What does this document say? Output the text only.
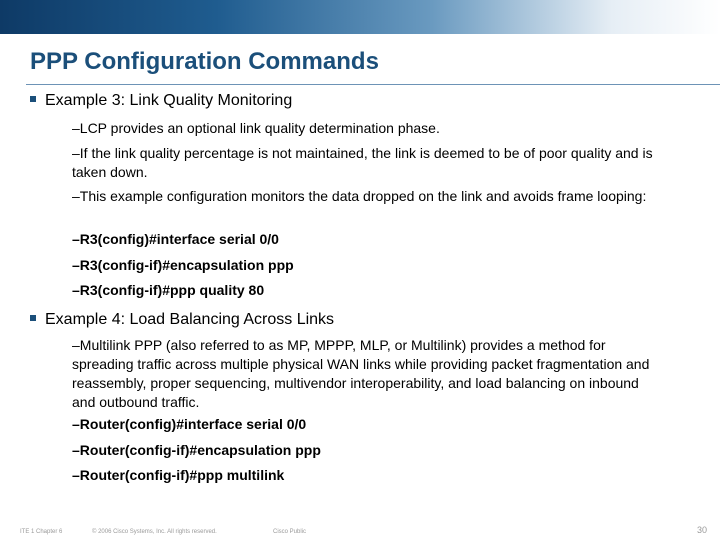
PPP Configuration Commands
Example 3: Link Quality Monitoring
–LCP provides an optional link quality determination phase.
–If the link quality percentage is not maintained, the link is deemed to be of poor quality and is taken down.
–This example configuration monitors the data dropped on the link and avoids frame looping:
–R3(config)#interface serial 0/0
–R3(config-if)#encapsulation ppp
–R3(config-if)#ppp quality 80
Example 4: Load Balancing Across Links
–Multilink PPP (also referred to as MP, MPPP, MLP, or Multilink) provides a method for spreading traffic across multiple physical WAN links while providing packet fragmentation and reassembly, proper sequencing, multivendor interoperability, and load balancing on inbound and outbound traffic.
–Router(config)#interface serial 0/0
–Router(config-if)#encapsulation ppp
–Router(config-if)#ppp multilink
ITE 1 Chapter 6	© 2006 Cisco Systems, Inc. All rights reserved.	Cisco Public	30
